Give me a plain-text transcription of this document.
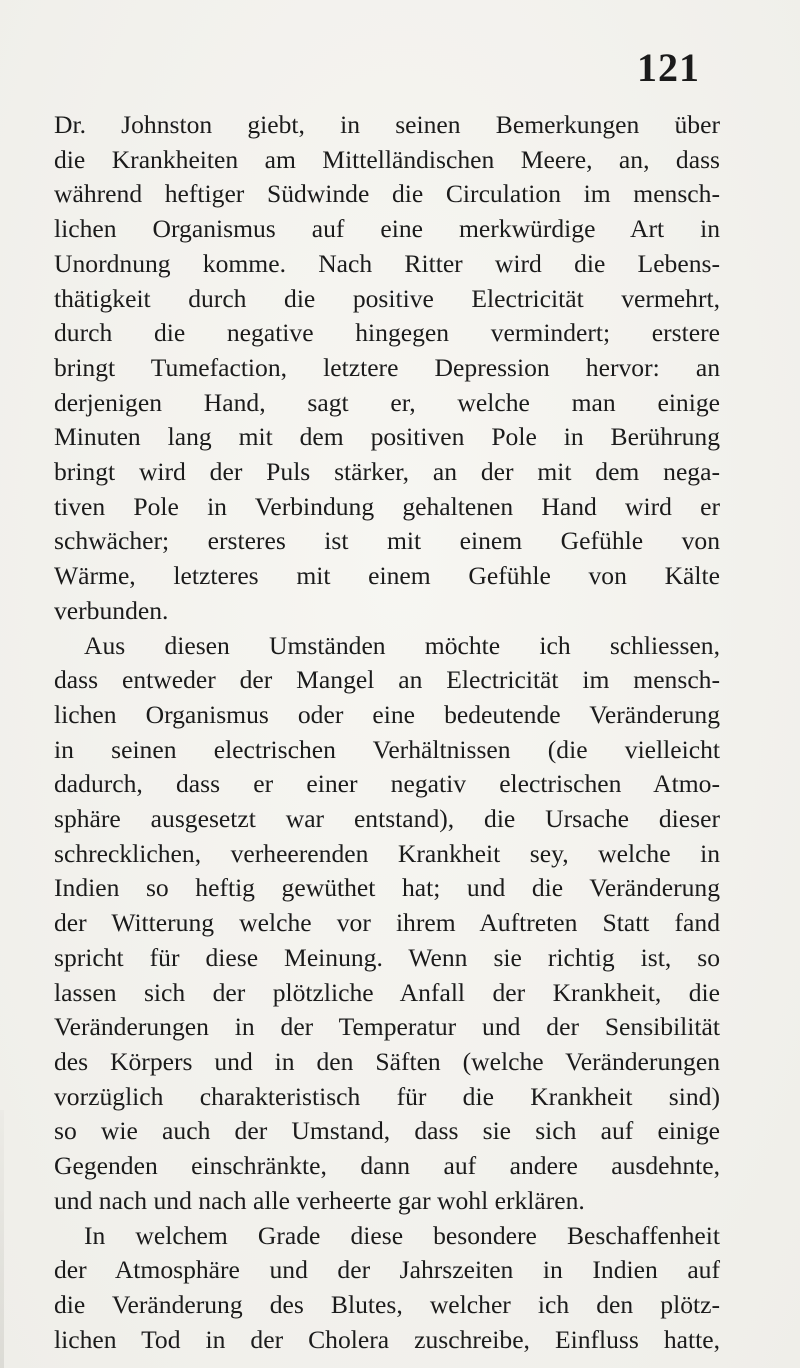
121
Dr. Johnston giebt, in seinen Bemerkungen über
die Krankheiten am Mittelländischen Meere, an, dass
während heftiger Südwinde die Circulation im mensch-
lichen Organismus auf eine merkwürdige Art in
Unordnung komme. Nach Ritter wird die Lebens-
thätigkeit durch die positive Electricität vermehrt,
durch die negative hingegen vermindert; erstere
bringt Tumefaction, letztere Depression hervor: an
derjenigen Hand, sagt er, welche man einige
Minuten lang mit dem positiven Pole in Berührung
bringt wird der Puls stärker, an der mit dem nega-
tiven Pole in Verbindung gehaltenen Hand wird er
schwächer; ersteres ist mit einem Gefühle von
Wärme, letzteres mit einem Gefühle von Kälte
verbunden.
Aus diesen Umständen möchte ich schliessen,
dass entweder der Mangel an Electricität im mensch-
lichen Organismus oder eine bedeutende Veränderung
in seinen electrischen Verhältnissen (die vielleicht
dadurch, dass er einer negativ electrischen Atmo-
sphäre ausgesetzt war entstand), die Ursache dieser
schrecklichen, verheerenden Krankheit sey, welche in
Indien so heftig gewüthet hat; und die Veränderung
der Witterung welche vor ihrem Auftreten Statt fand
spricht für diese Meinung. Wenn sie richtig ist, so
lassen sich der plötzliche Anfall der Krankheit, die
Veränderungen in der Temperatur und der Sensibilität
des Körpers und in den Säften (welche Veränderungen
vorzüglich charakteristisch für die Krankheit sind)
so wie auch der Umstand, dass sie sich auf einige
Gegenden einschränkte, dann auf andere ausdehnte,
und nach und nach alle verheerte gar wohl erklären.
In welchem Grade diese besondere Beschaffenheit
der Atmosphäre und der Jahrszeiten in Indien auf
die Veränderung des Blutes, welcher ich den plötz-
lichen Tod in der Cholera zuschreibe, Einfluss hatte,
